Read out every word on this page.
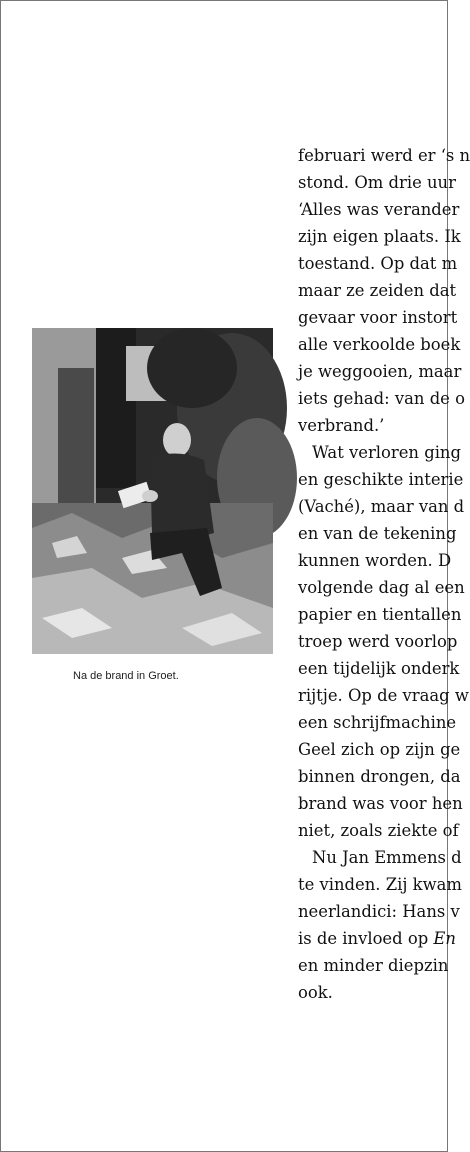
Na de brand in Groet.
februari werd er ‘s n
stond. Om drie uur
‘Alles was verander
zijn eigen plaats. Ik
toestand. Op dat m
maar ze zeiden dat
gevaar voor instort
alle verkoolde boek
je weggooien, maar
iets gehad: van de o
verbrand.’
Wat verloren ging
en geschikte interie
(Vaché), maar van d
en van de tekening
kunnen worden. D
volgende dag al een
papier en tientallen
troep werd voorlop
een tijdelijk onderk
rijtje. Op de vraag w
een schrijfmachine
Geel zich op zijn ge
binnen drongen, da
brand was voor hen
niet, zoals ziekte of
Nu Jan Emmens d
te vinden. Zij kwam
neerlandici: Hans v
is de invloed op En
en minder diepzin
ook.
